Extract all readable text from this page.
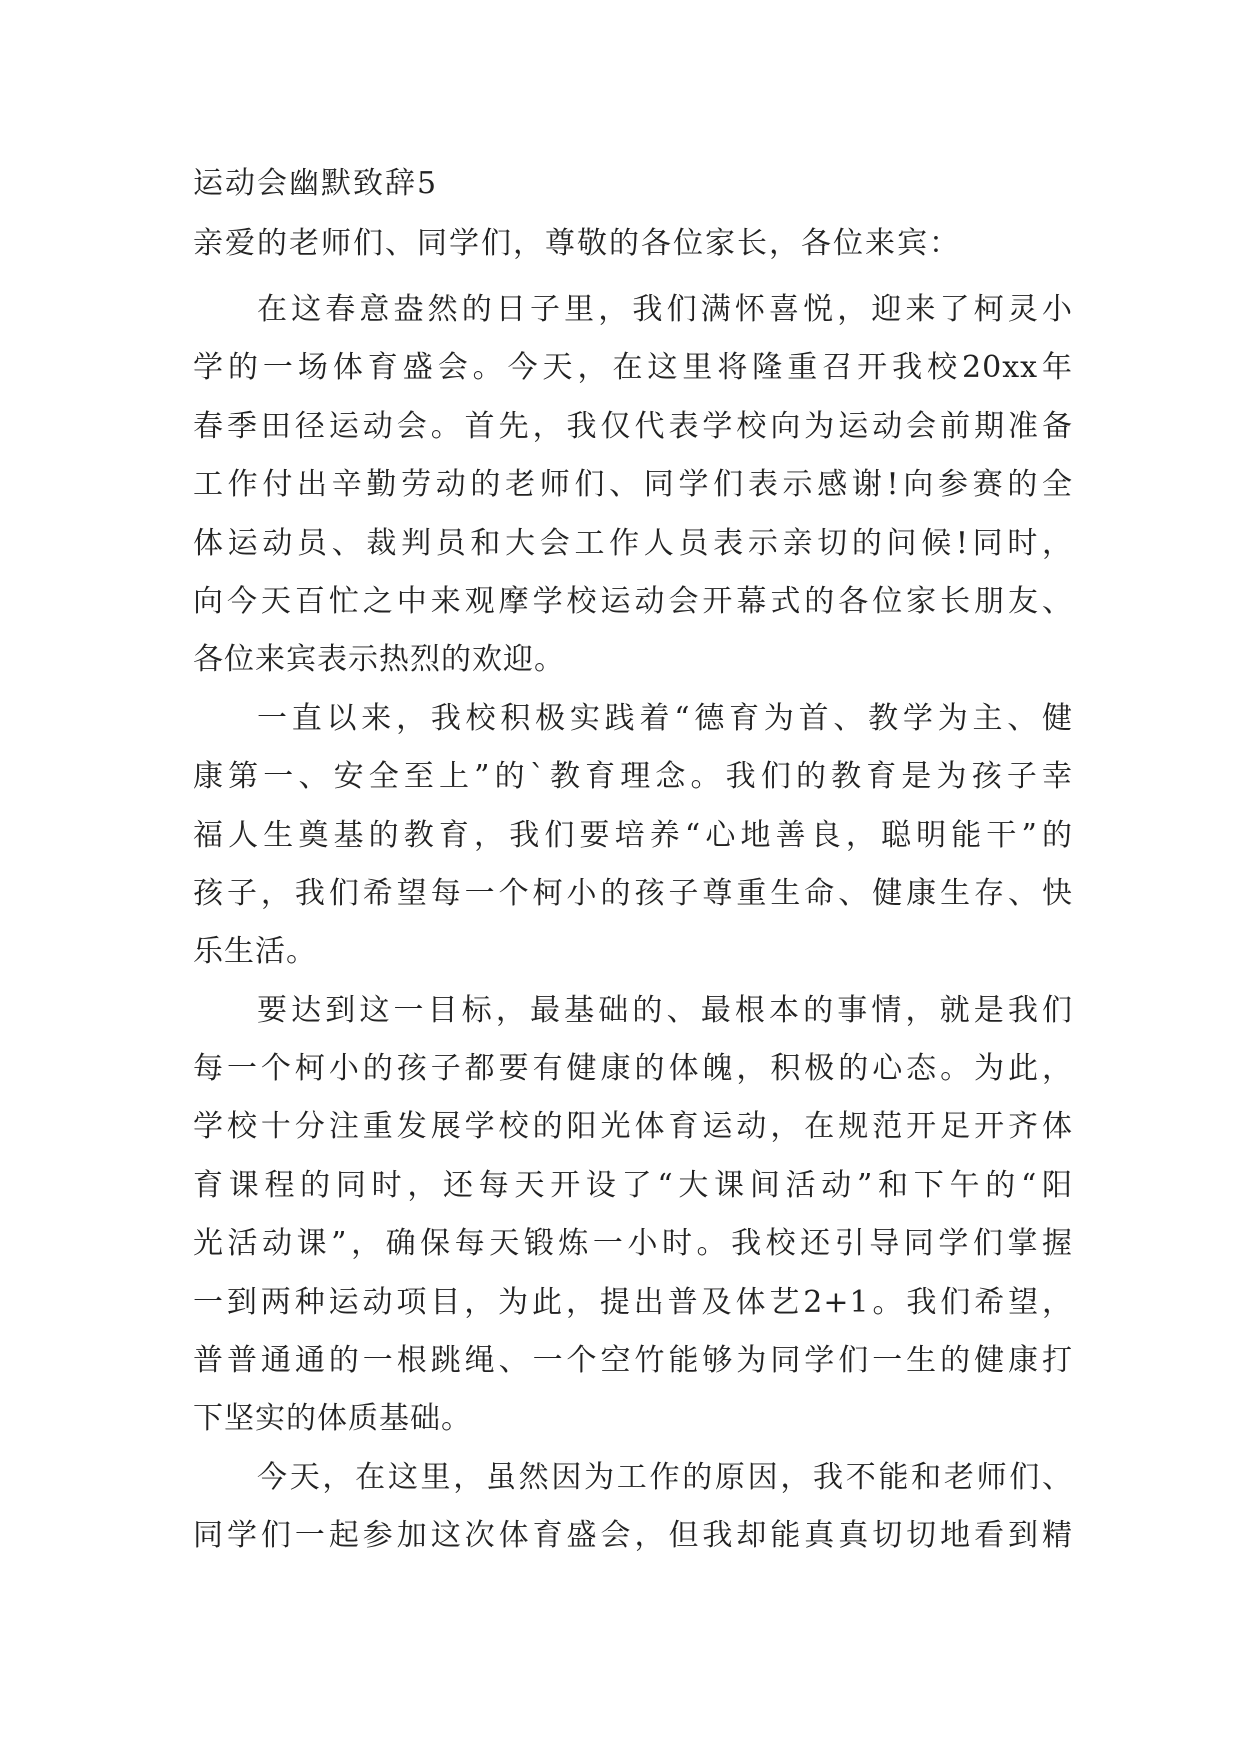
运动会幽默致辞5
亲爱的老师们、同学们，尊敬的各位家长，各位来宾：

在这春意盎然的日子里，我们满怀喜悦，迎来了柯灵小
学的一场体育盛会。今天，在这里将隆重召开我校20xx年
春季田径运动会。首先，我仅代表学校向为运动会前期准备
工作付出辛勤劳动的老师们、同学们表示感谢!向参赛的全
体运动员、裁判员和大会工作人员表示亲切的问候!同时，
向今天百忙之中来观摩学校运动会开幕式的各位家长朋友、
各位来宾表示热烈的欢迎。

一直以来，我校积极实践着“德育为首、教学为主、健
康第一、安全至上”的`教育理念。我们的教育是为孩子幸
福人生奠基的教育，我们要培养“心地善良，聪明能干”的
孩子，我们希望每一个柯小的孩子尊重生命、健康生存、快
乐生活。

要达到这一目标，最基础的、最根本的事情，就是我们
每一个柯小的孩子都要有健康的体魄，积极的心态。为此，
学校十分注重发展学校的阳光体育运动，在规范开足开齐体
育课程的同时，还每天开设了“大课间活动”和下午的“阳
光活动课”，确保每天锻炼一小时。我校还引导同学们掌握
一到两种运动项目，为此，提出普及体艺2+1。我们希望，
普普通通的一根跳绳、一个空竹能够为同学们一生的健康打
下坚实的体质基础。

今天，在这里，虽然因为工作的原因，我不能和老师们、
同学们一起参加这次体育盛会，但我却能真真切切地看到精
